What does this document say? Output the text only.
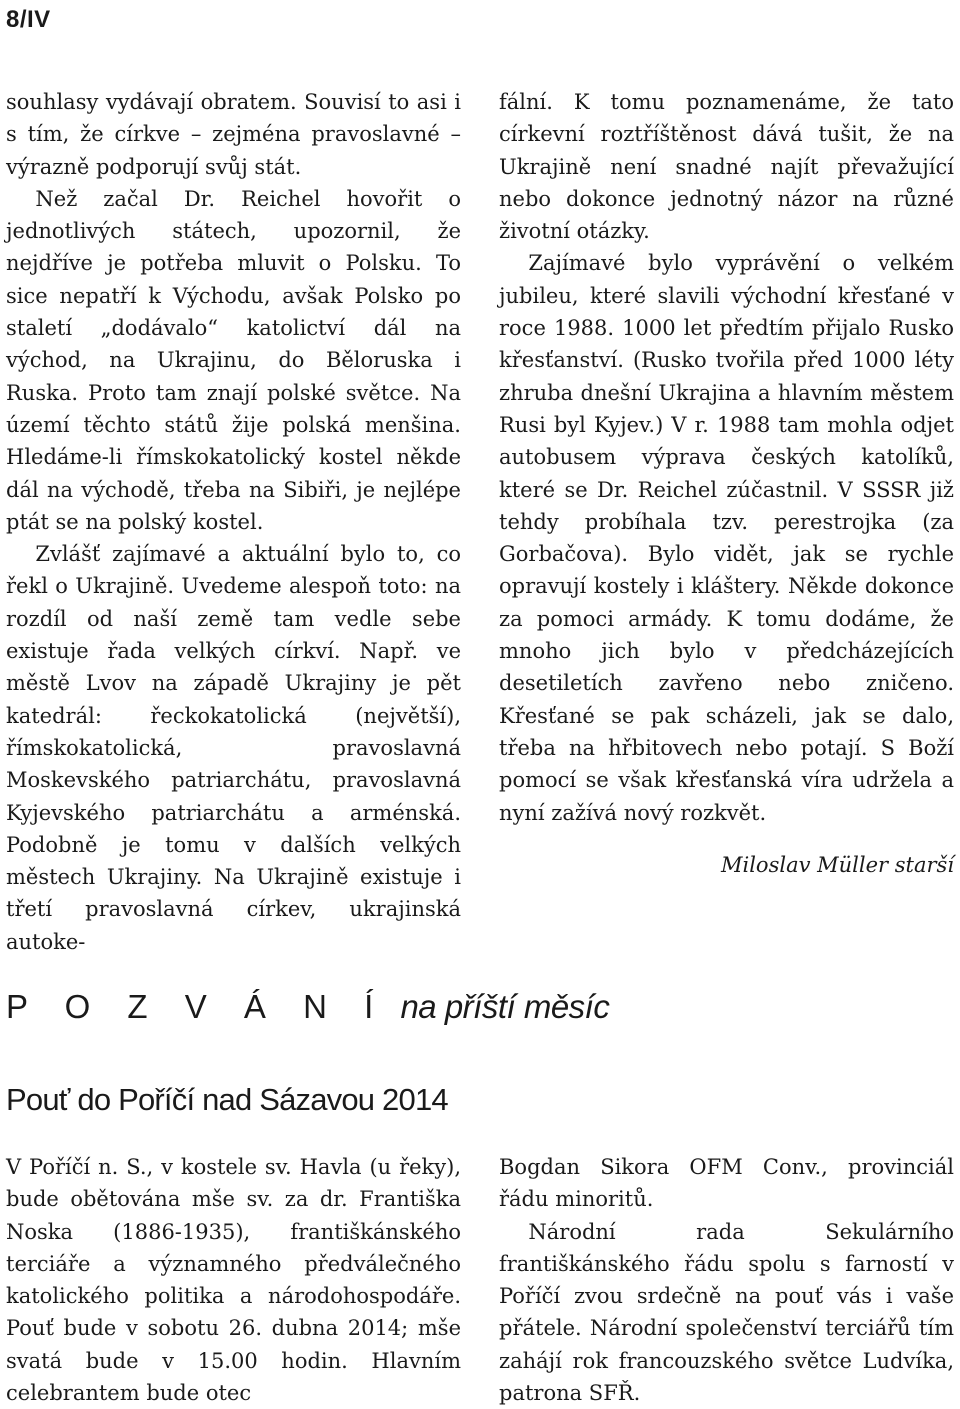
8/IV

souhlasy vydávají obratem. Souvisí to asi i s tím, že církve – zejména pravoslavné – výrazně podporují svůj stát.

Než začal Dr. Reichel hovořit o jednotlivých státech, upozornil, že nejdříve je potřeba mluvit o Polsku. To sice nepatří k Východu, avšak Polsko po staletí „dodávalo“ katolictví dál na východ, na Ukrajinu, do Běloruska i Ruska. Proto tam znají polské světce. Na území těchto států žije polská menšina. Hledáme-li římskokatolický kostel někde dál na východě, třeba na Sibiři, je nejlépe ptát se na polský kostel.

Zvlášť zajímavé a aktuální bylo to, co řekl o Ukrajině. Uvedeme alespoň toto: na rozdíl od naší země tam vedle sebe existuje řada velkých církví. Např. ve městě Lvov na západě Ukrajiny je pět katedrál: řeckokatolická (největší), římskokatolická, pravoslavná Moskevského patriarchátu, pravoslavná Kyjevského patriarchátu a arménská. Podobně je tomu v dalších velkých městech Ukrajiny. Na Ukrajině existuje i třetí pravoslavná církev, ukrajinská autoke-

fální. K tomu poznamenáme, že tato církevní roztříštěnost dává tušit, že na Ukrajině není snadné najít převažující nebo dokonce jednotný názor na různé životní otázky.

Zajímavé bylo vyprávění o velkém jubileu, které slavili východní křesťané v roce 1988. 1000 let předtím přijalo Rusko křesťanství. (Rusko tvořila před 1000 léty zhruba dnešní Ukrajina a hlavním městem Rusi byl Kyjev.) V r. 1988 tam mohla odjet autobusem výprava českých katolíků, které se Dr. Reichel zúčastnil. V SSSR již tehdy probíhala tzv. perestrojka (za Gorbačova). Bylo vidět, jak se rychle opravují kostely i kláštery. Někde dokonce za pomoci armády. K tomu dodáme, že mnoho jich bylo v předcházejících desetiletích zavřeno nebo zničeno. Křesťané se pak scházeli, jak se dalo, třeba na hřbitovech nebo potají. S Boží pomocí se však křesťanská víra udržela a nyní zažívá nový rozkvět.

Miloslav Müller starší

P O Z V Á N Í na příští měsíc
Pouť do Poříčí nad Sázavou 2014

V Poříčí n. S., v kostele sv. Havla (u řeky), bude obětována mše sv. za dr. Františka Noska (1886-1935), františkánského terciáře a významného předválečného katolického politika a národohospodáře. Pouť bude v sobotu 26. dubna 2014; mše svatá bude v 15.00 hodin. Hlavním celebrantem bude otec

Bogdan Sikora OFM Conv., provinciál řádu minoritů.

Národní rada Sekulárního františkánského řádu spolu s farností v Poříčí zvou srdečně na pouť vás i vaše přátele. Národní společenství terciářů tím zahájí rok francouzského světce Ludvíka, patrona SFŘ.
